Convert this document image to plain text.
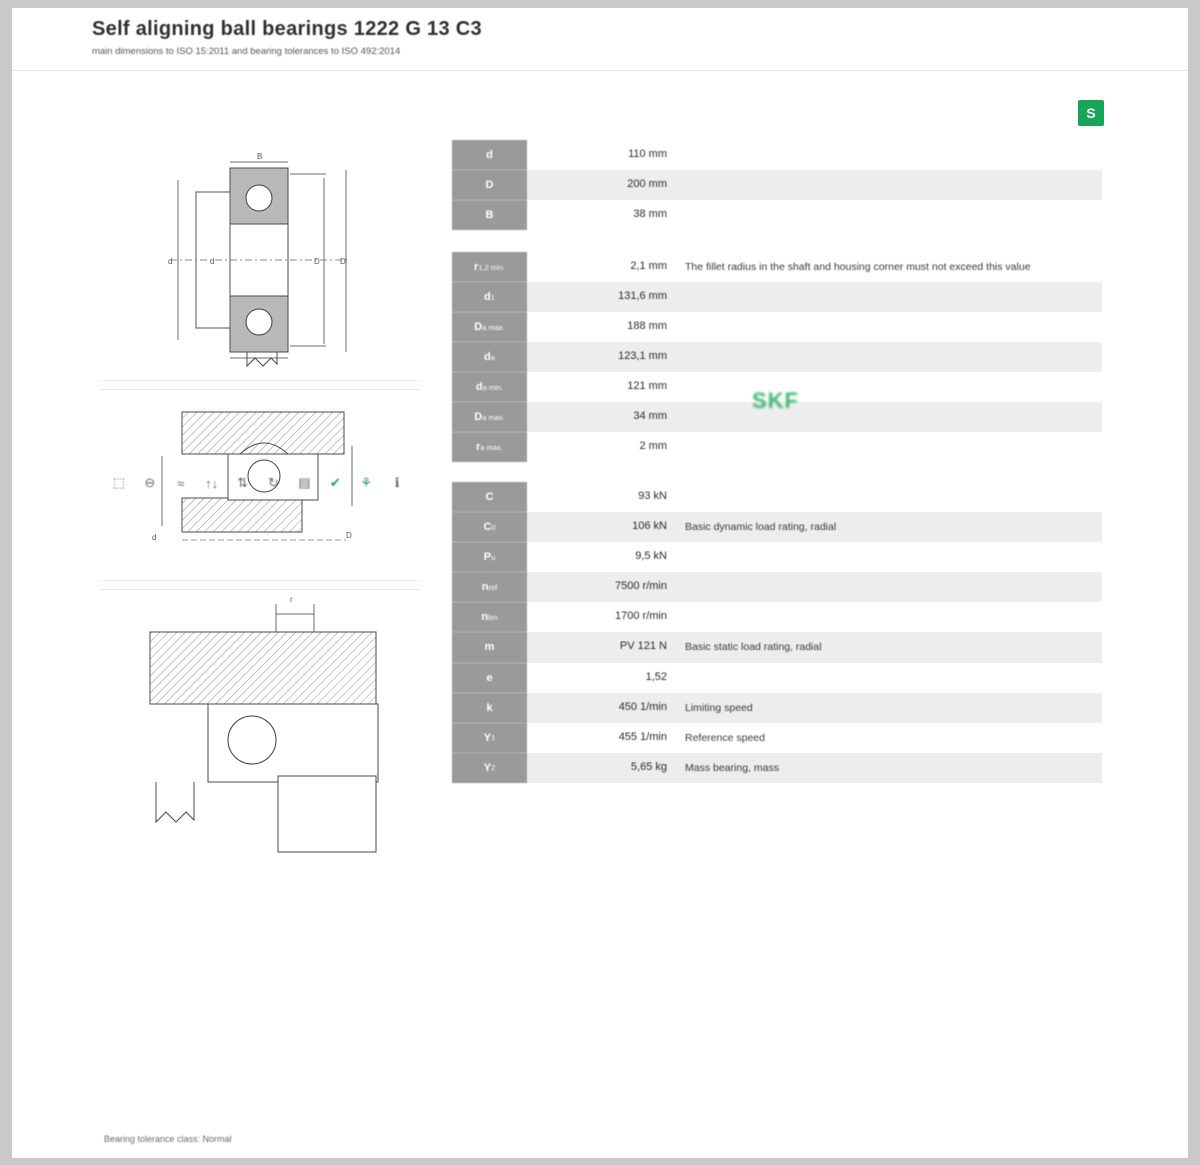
Self aligning ball bearings 1222 G 13 C3
main dimensions to ISO 15:2011 and bearing tolerances to ISO 492:2014
S
d	d	D	D
B
d	D
r
⬚	⊖	≈	↑↓	⇅	↻	▤	✔	⚘	ℹ
Bearing tolerance class: Normal
d	110 mm
D	200 mm
B	38 mm
r 1,2 min.	2,1 mm	The fillet radius in the shaft and housing corner must not exceed this value
d 1	131,6 mm
D a max.	188 mm
d a	123,1 mm
d a min.	121 mm
D a max.	34 mm
r a max.	2 mm
C	93 kN
C 0	106 kN	Basic dynamic load rating, radial
P u	9,5 kN
n ref	7500 r/min
n lim	1700 r/min
m	PV 121 N	Basic static load rating, radial
e	1,52
k	450 1/min	Limiting speed
Y 1	455 1/min	Reference speed
Y 2	5,65 kg	Mass bearing, mass
SKF
